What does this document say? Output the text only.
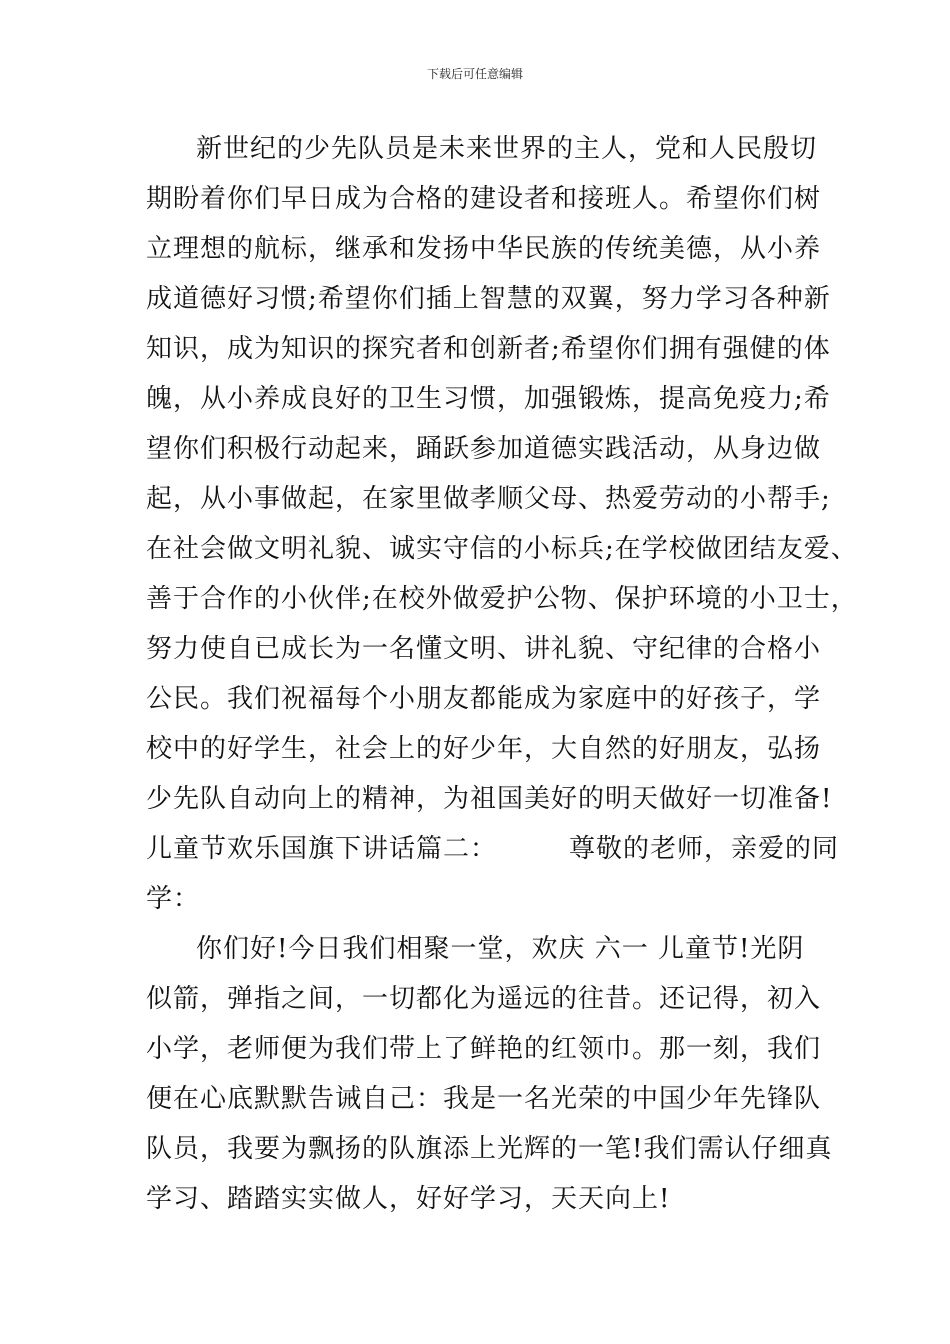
下载后可任意编辑
新世纪的少先队员是未来世界的主人，党和人民殷切
期盼着你们早日成为合格的建设者和接班人。希望你们树
立理想的航标，继承和发扬中华民族的传统美德，从小养
成道德好习惯;希望你们插上智慧的双翼，努力学习各种新
知识，成为知识的探究者和创新者;希望你们拥有强健的体
魄，从小养成良好的卫生习惯，加强锻炼，提高免疫力;希
望你们积极行动起来，踊跃参加道德实践活动，从身边做
起，从小事做起，在家里做孝顺父母、热爱劳动的小帮手;
在社会做文明礼貌、诚实守信的小标兵;在学校做团结友爱、
善于合作的小伙伴;在校外做爱护公物、保护环境的小卫士，
努力使自已成长为一名懂文明、讲礼貌、守纪律的合格小
公民。我们祝福每个小朋友都能成为家庭中的好孩子，学
校中的好学生，社会上的好少年，大自然的好朋友，弘扬
少先队自动向上的精神，为祖国美好的明天做好一切准备!
儿童节欢乐国旗下讲话篇二：	尊敬的老师，亲爱的同
学：
你们好!今日我们相聚一堂，欢庆 六一 儿童节!光阴
似箭，弹指之间，一切都化为遥远的往昔。还记得，初入
小学，老师便为我们带上了鲜艳的红领巾。那一刻，我们
便在心底默默告诫自己：我是一名光荣的中国少年先锋队
队员，我要为飘扬的队旗添上光辉的一笔!我们需认仔细真
学习、踏踏实实做人，好好学习，天天向上!
